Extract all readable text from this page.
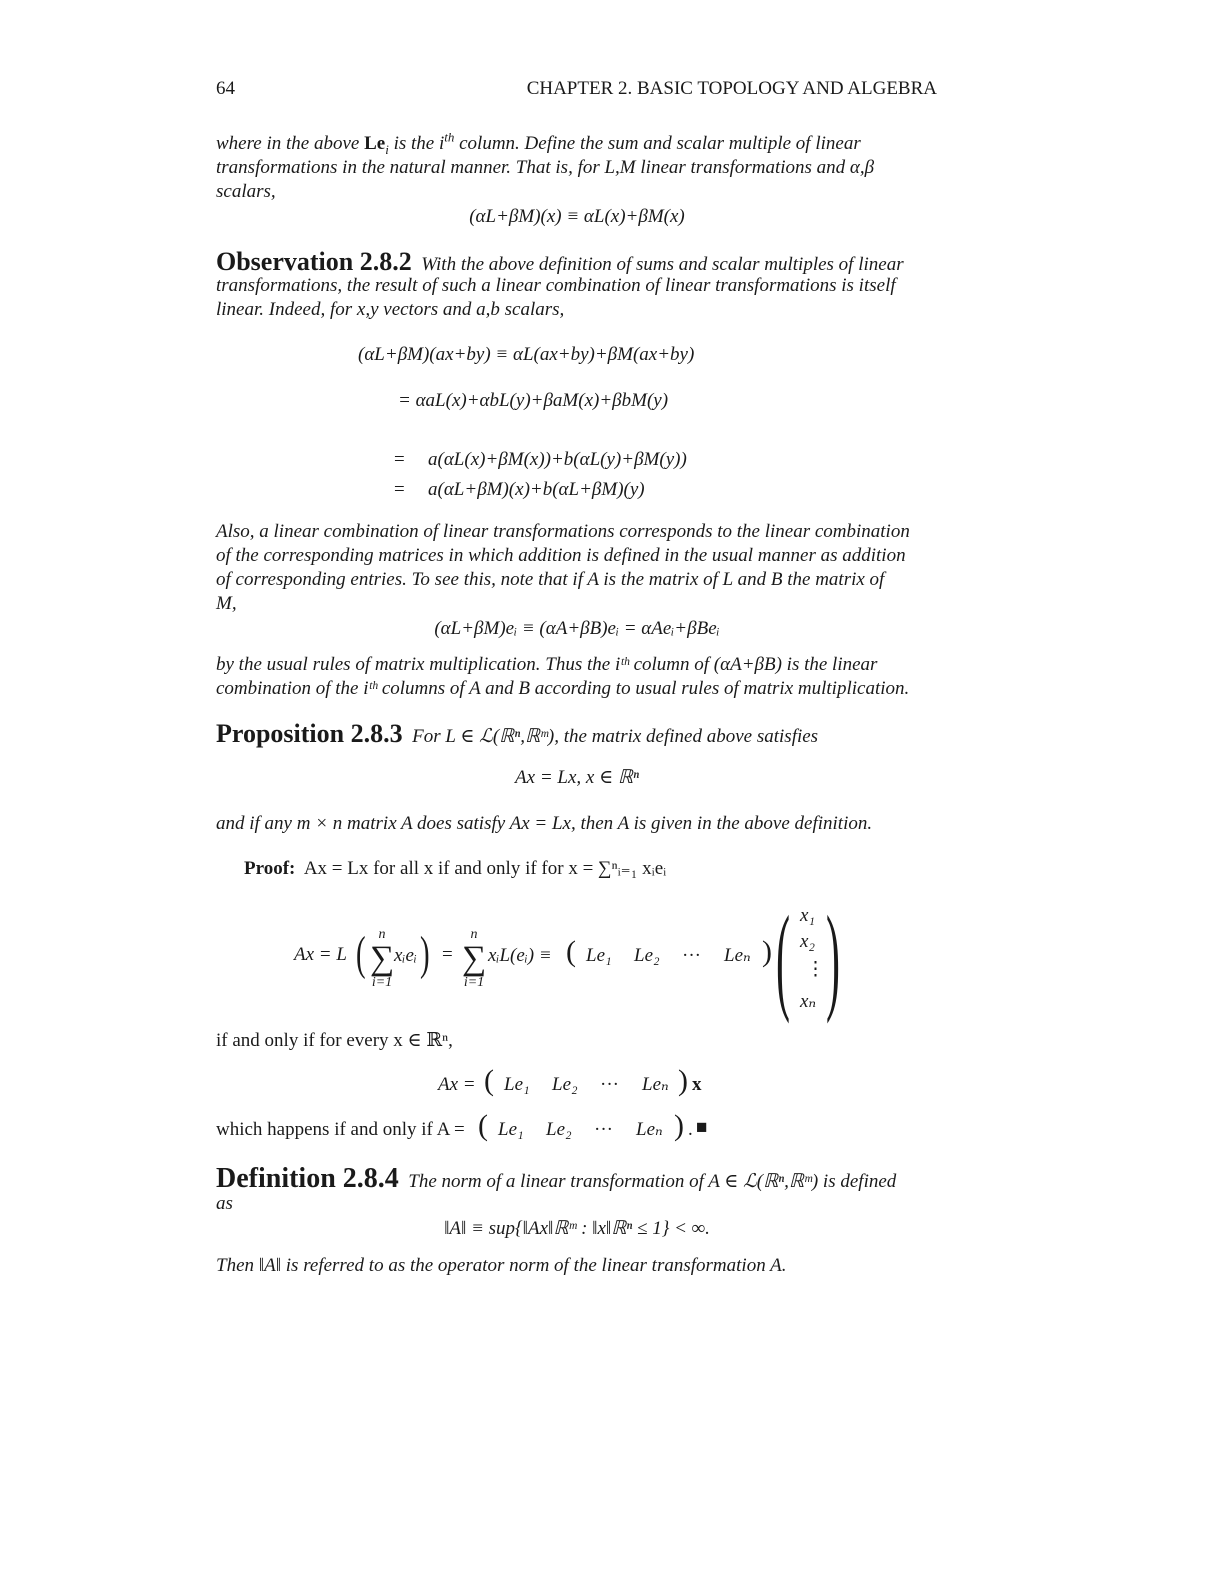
64	CHAPTER 2. BASIC TOPOLOGY AND ALGEBRA
where in the above $Le_i$ is the $i^{th}$ column. Define the sum and scalar multiple of linear
transformations in the natural manner. That is, for L,M linear transformations and α,β
scalars,
(αL+βM)(x) ≡ αL(x)+βM(x)
Observation 2.8.2 With the above definition of sums and scalar multiples of linear
transformations, the result of such a linear combination of linear transformations is itself
linear. Indeed, for x,y vectors and a,b scalars,
(αL+βM)(ax+by) ≡ αL(ax+by)+βM(ax+by)
= αaL(x)+αbL(y)+βaM(x)+βbM(y)
= a(αL(x)+βM(x))+b(αL(y)+βM(y))
= a(αL+βM)(x)+b(αL+βM)(y)
Also, a linear combination of linear transformations corresponds to the linear combination
of the corresponding matrices in which addition is defined in the usual manner as addition
of corresponding entries. To see this, note that if A is the matrix of L and B the matrix of
M,
(αL+βM)eᵢ ≡ (αA+βB)eᵢ = αAeᵢ+βBeᵢ
by the usual rules of matrix multiplication. Thus the iᵗʰ column of (αA+βB) is the linear
combination of the iᵗʰ columns of A and B according to usual rules of matrix multiplication.
Proposition 2.8.3 For L ∈ ℒ(ℝⁿ,ℝᵐ), the matrix defined above satisfies
Ax = Lx, x ∈ ℝⁿ
and if any m × n matrix A does satisfy Ax = Lx, then A is given in the above definition.
Proof: Ax = Lx for all x if and only if for x = ∑ⁿᵢ₌₁ xᵢeᵢ
Ax = L ( n
∑
i=1
xᵢeᵢ ) =
n
∑
i=1
xᵢL(eᵢ) ≡ ( Le₁ Le₂ ··· Leₙ ) ( x₁
x₂
⋮
xₙ )
if and only if for every x ∈ ℝⁿ,
Ax = ( Le₁ Le₂ ··· Leₙ ) x
which happens if and only if A = ( Le₁ Le₂ ··· Leₙ ) . ■
Definition 2.8.4 The norm of a linear transformation of A ∈ ℒ(ℝⁿ,ℝᵐ) is defined
as
‖A‖ ≡ sup{‖Ax‖ℝᵐ : ‖x‖ℝⁿ ≤ 1} < ∞.
Then ‖A‖ is referred to as the operator norm of the linear transformation A.
